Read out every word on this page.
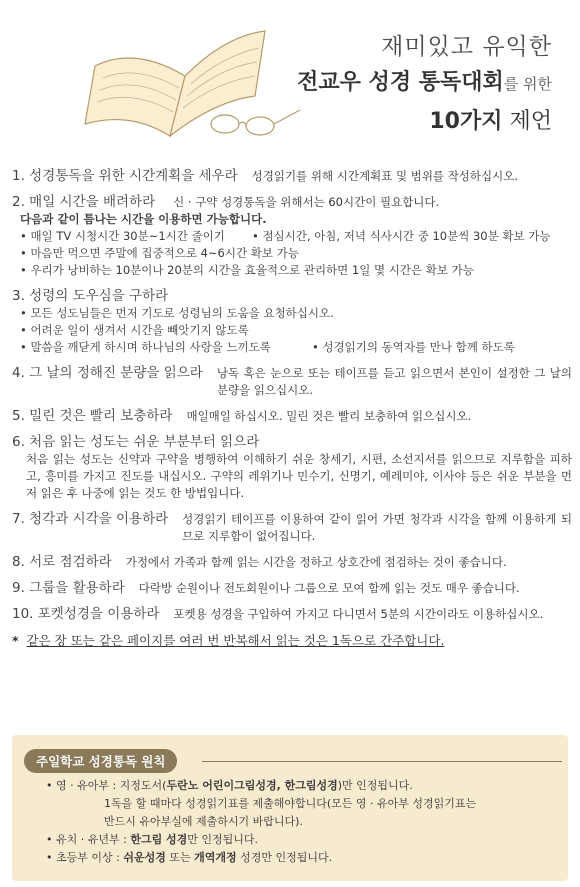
재미있고 유익한
전교우 성경 통독대회를 위한
10가지 제언
1. 성경통독을 위한 시간계획을 세우라 성경읽기를 위해 시간계획표 및 범위를 작성하십시오.
2. 매일 시간을 배려하라 신 · 구약 성경통독을 위해서는 60시간이 필요합니다.
다음과 같이 틈나는 시간을 이용하면 가능합니다.
• 매일 TV 시청시간 30분~1시간 줄이기	• 점심시간, 아침, 저녁 식사시간 중 10분씩 30분 확보 가능
• 마음만 먹으면 주말에 집중적으로 4~6시간 확보 가능
• 우리가 낭비하는 10분이나 20분의 시간을 효율적으로 관리하면 1일 몇 시간은 확보 가능
3. 성령의 도우심을 구하라
• 모든 성도님들은 먼저 기도로 성령님의 도움을 요청하십시오.
• 어려운 일이 생겨서 시간을 빼앗기지 않도록
• 말씀을 깨닫게 하시며 하나님의 사랑을 느끼도록	• 성경읽기의 동역자를 만나 함께 하도록
4. 그 날의 정해진 분량을 읽으라 낭독 혹은 눈으로 또는 테이프를 듣고 읽으면서 본인이 설정한 그 날의 분량을 읽으십시오.
5. 밀린 것은 빨리 보충하라 매일매일 하십시오. 밀린 것은 빨리 보충하여 읽으십시오.
6. 처음 읽는 성도는 쉬운 부분부터 읽으라
처음 읽는 성도는 신약과 구약을 병행하여 이해하기 쉬운 창세기, 시편, 소선지서를 읽으므로 지루함을 피하고, 흥미를 가지고 진도를 내십시오. 구약의 레위기나 민수기, 신명기, 예레미야, 이사야 등은 쉬운 부분을 먼저 읽은 후 나중에 읽는 것도 한 방법입니다.
7. 청각과 시각을 이용하라 성경읽기 테이프를 이용하여 같이 읽어 가면 청각과 시각을 함께 이용하게 되므로 지루함이 없어집니다.
8. 서로 점검하라 가정에서 가족과 함께 읽는 시간을 정하고 상호간에 점검하는 것이 좋습니다.
9. 그룹을 활용하라 다락방 순원이나 전도회원이나 그룹으로 모여 함께 읽는 것도 매우 좋습니다.
10. 포켓성경을 이용하라 포켓용 성경을 구입하여 가지고 다니면서 5분의 시간이라도 이용하십시오.
* 같은 장 또는 같은 페이지를 여러 번 반복해서 읽는 것은 1독으로 간주합니다.
주일학교 성경통독 원칙
• 영 · 유아부 : 지정도서(두란노 어린이그림성경, 한그림성경)만 인정됩니다.
1독을 할 때마다 성경읽기표를 제출해야합니다(모든 영 · 유아부 성경읽기표는
반드시 유아부실에 제출하시기 바랍니다).
• 유치 · 유년부 : 한그림 성경만 인정됩니다.
• 초등부 이상 : 쉬운성경 또는 개역개정 성경만 인정됩니다.
